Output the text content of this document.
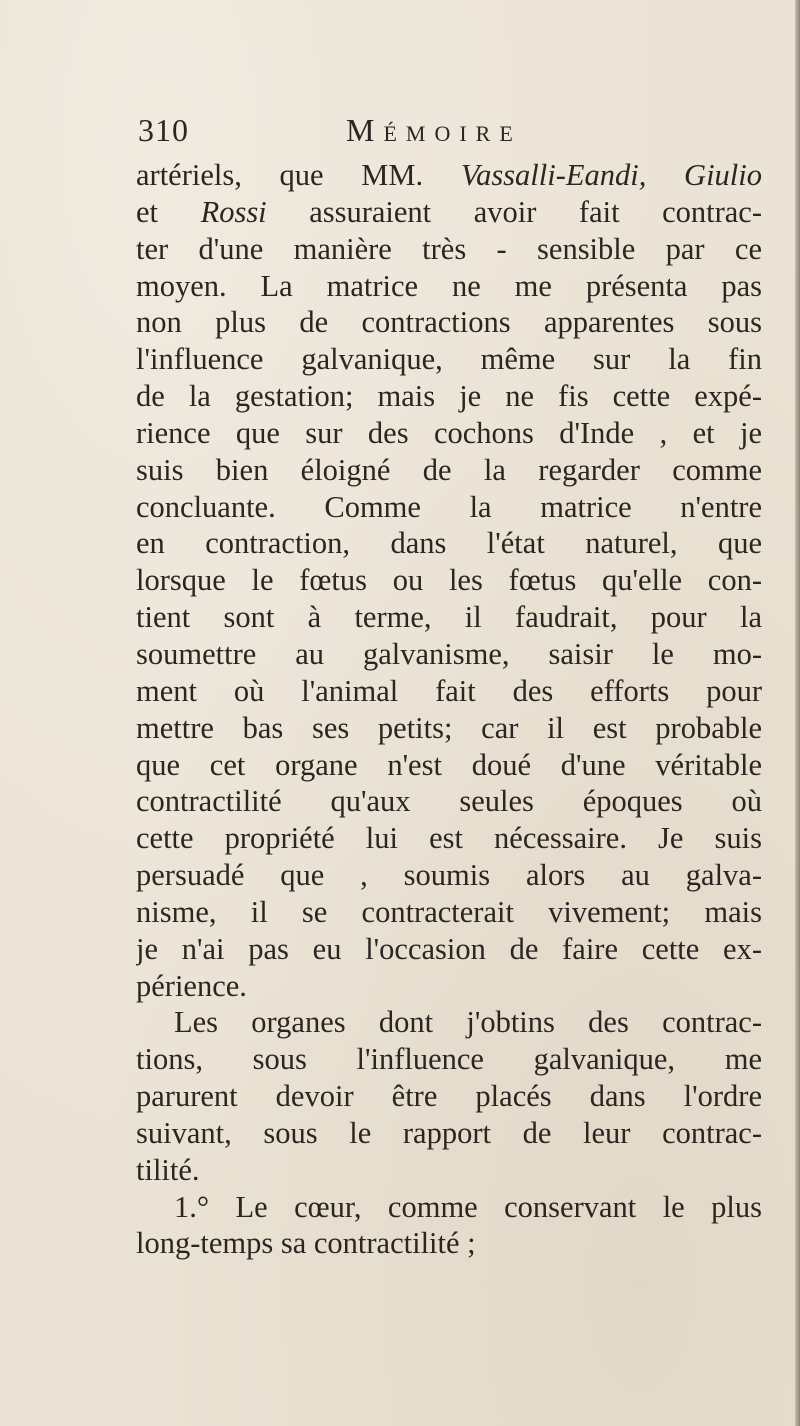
310	Mémoire
artériels, que MM. Vassalli-Eandi, Giulio
et Rossi assuraient avoir fait contrac-
ter d'une manière très - sensible par ce
moyen. La matrice ne me présenta pas
non plus de contractions apparentes sous
l'influence galvanique, même sur la fin
de la gestation; mais je ne fis cette expé-
rience que sur des cochons d'Inde , et je
suis bien éloigné de la regarder comme
concluante. Comme la matrice n'entre
en contraction, dans l'état naturel, que
lorsque le fœtus ou les fœtus qu'elle con-
tient sont à terme, il faudrait, pour la
soumettre au galvanisme, saisir le mo-
ment où l'animal fait des efforts pour
mettre bas ses petits; car il est probable
que cet organe n'est doué d'une véritable
contractilité qu'aux seules époques où
cette propriété lui est nécessaire. Je suis
persuadé que , soumis alors au galva-
nisme, il se contracterait vivement; mais
je n'ai pas eu l'occasion de faire cette ex-
périence.
Les organes dont j'obtins des contrac-
tions, sous l'influence galvanique, me
parurent devoir être placés dans l'ordre
suivant, sous le rapport de leur contrac-
tilité.
1.° Le cœur, comme conservant le plus
long-temps sa contractilité ;
